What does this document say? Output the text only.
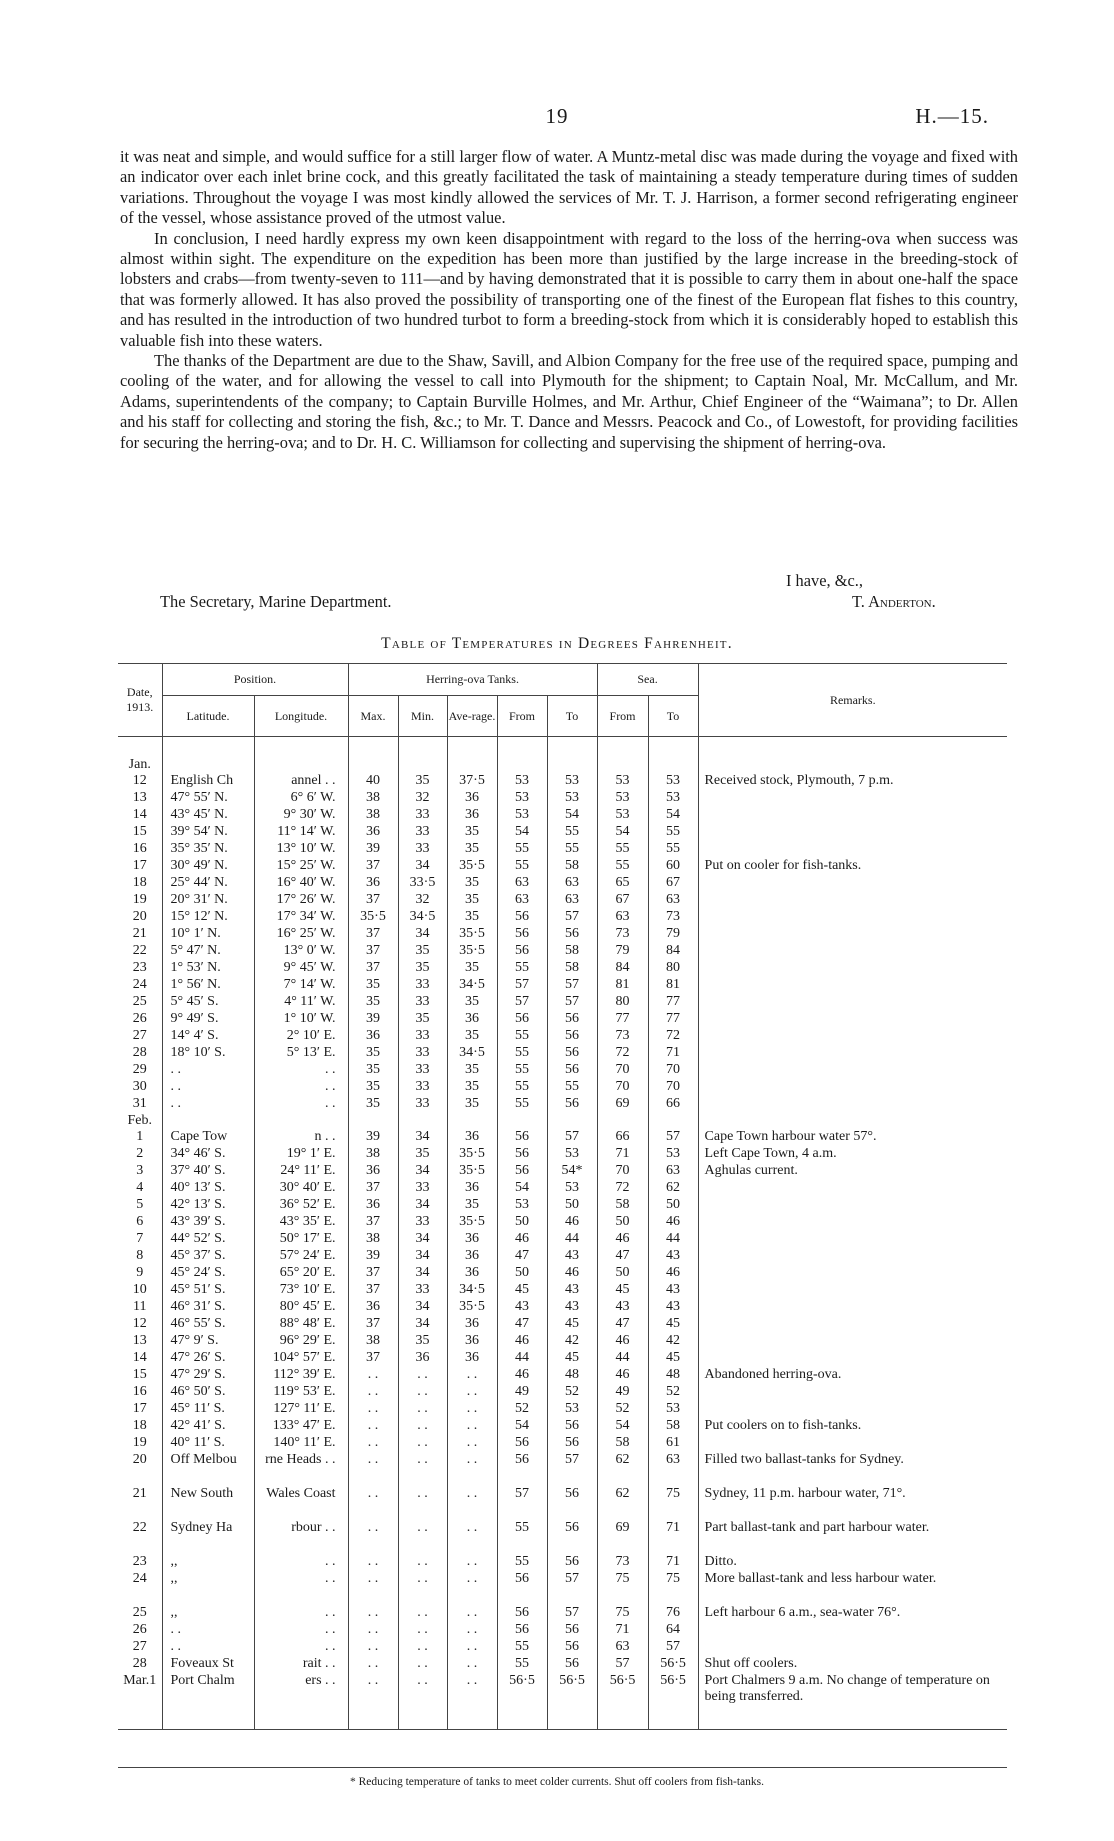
19	H.—15.

it was neat and simple, and would suffice for a still larger flow of water. A Muntz-metal disc was made during the voyage and fixed with an indicator over each inlet brine cock, and this greatly facilitated the task of maintaining a steady temperature during times of sudden variations. Throughout the voyage I was most kindly allowed the services of Mr. T. J. Harrison, a former second refrigerating engineer of the vessel, whose assistance proved of the utmost value.

In conclusion, I need hardly express my own keen disappointment with regard to the loss of the herring-ova when success was almost within sight. The expenditure on the expedition has been more than justified by the large increase in the breeding-stock of lobsters and crabs—from twenty-seven to 111—and by having demonstrated that it is possible to carry them in about one-half the space that was formerly allowed. It has also proved the possibility of transporting one of the finest of the European flat fishes to this country, and has resulted in the introduction of two hundred turbot to form a breeding-stock from which it is considerably hoped to establish this valuable fish into these waters.

The thanks of the Department are due to the Shaw, Savill, and Albion Company for the free use of the required space, pumping and cooling of the water, and for allowing the vessel to call into Plymouth for the shipment; to Captain Noal, Mr. McCallum, and Mr. Adams, superintendents of the company; to Captain Burville Holmes, and Mr. Arthur, Chief Engineer of the “Waimana”; to Dr. Allen and his staff for collecting and storing the fish, &c.; to Mr. T. Dance and Messrs. Peacock and Co., of Lowestoft, for providing facilities for securing the herring-ova; and to Dr. H. C. Williamson for collecting and supervising the shipment of herring-ova.

I have, &c.,
The Secretary, Marine Department.	T. Anderton.
Table of Temperatures in Degrees Fahrenheit.
Date, 1913.	Position.		Herring-ova Tanks.					Sea.		Remarks.
	Latitude.	Longitude.	Max.	Min.	Ave-rage.	From	To	From	To	

Jan.										
12	English Ch	annel . .	40	35	37·5	53	53	53	53	Received stock, Plymouth, 7 p.m.
13	47° 55′ N.	6° 6′ W.	38	32	36	53	53	53	53	
14	43° 45′ N.	9° 30′ W.	38	33	36	53	54	53	54	
15	39° 54′ N.	11° 14′ W.	36	33	35	54	55	54	55	
16	35° 35′ N.	13° 10′ W.	39	33	35	55	55	55	55	
17	30° 49′ N.	15° 25′ W.	37	34	35·5	55	58	55	60	Put on cooler for fish-tanks.
18	25° 44′ N.	16° 40′ W.	36	33·5	35	63	63	65	67	
19	20° 31′ N.	17° 26′ W.	37	32	35	63	63	67	63	
20	15° 12′ N.	17° 34′ W.	35·5	34·5	35	56	57	63	73	
21	10° 1′ N.	16° 25′ W.	37	34	35·5	56	56	73	79	
22	5° 47′ N.	13° 0′ W.	37	35	35·5	56	58	79	84	
23	1° 53′ N.	9° 45′ W.	37	35	35	55	58	84	80	
24	1° 56′ N.	7° 14′ W.	35	33	34·5	57	57	81	81	
25	5° 45′ S.	4° 11′ W.	35	33	35	57	57	80	77	
26	9° 49′ S.	1° 10′ W.	39	35	36	56	56	77	77	
27	14° 4′ S.	2° 10′ E.	36	33	35	55	56	73	72	
28	18° 10′ S.	5° 13′ E.	35	33	34·5	55	56	72	71	
29	. .	. .	35	33	35	55	56	70	70	
30	. .	. .	35	33	35	55	55	70	70	
31	. .	. .	35	33	35	55	56	69	66	
Feb.										
1	Cape Tow	n . .	39	34	36	56	57	66	57	Cape Town harbour water 57°.
2	34° 46′ S.	19° 1′ E.	38	35	35·5	56	53	71	53	Left Cape Town, 4 a.m.
3	37° 40′ S.	24° 11′ E.	36	34	35·5	56	54*	70	63	Aghulas current.
4	40° 13′ S.	30° 40′ E.	37	33	36	54	53	72	62	
5	42° 13′ S.	36° 52′ E.	36	34	35	53	50	58	50	
6	43° 39′ S.	43° 35′ E.	37	33	35·5	50	46	50	46	
7	44° 52′ S.	50° 17′ E.	38	34	36	46	44	46	44	
8	45° 37′ S.	57° 24′ E.	39	34	36	47	43	47	43	
9	45° 24′ S.	65° 20′ E.	37	34	36	50	46	50	46	
10	45° 51′ S.	73° 10′ E.	37	33	34·5	45	43	45	43	
11	46° 31′ S.	80° 45′ E.	36	34	35·5	43	43	43	43	
12	46° 55′ S.	88° 48′ E.	37	34	36	47	45	47	45	
13	47° 9′ S.	96° 29′ E.	38	35	36	46	42	46	42	
14	47° 26′ S.	104° 57′ E.	37	36	36	44	45	44	45	
15	47° 29′ S.	112° 39′ E.	. .	. .	. .	46	48	46	48	Abandoned herring-ova.
16	46° 50′ S.	119° 53′ E.	. .	. .	. .	49	52	49	52	
17	45° 11′ S.	127° 11′ E.	. .	. .	. .	52	53	52	53	
18	42° 41′ S.	133° 47′ E.	. .	. .	. .	54	56	54	58	Put coolers on to fish-tanks.
19	40° 11′ S.	140° 11′ E.	. .	. .	. .	56	56	58	61	
20	Off Melbou	rne Heads . .	. .	. .	. .	56	57	62	63	Filled two ballast-tanks for Sydney.
21	New South	Wales Coast	. .	. .	. .	57	56	62	75	Sydney, 11 p.m. harbour water, 71°.
22	Sydney Ha	rbour . .	. .	. .	. .	55	56	69	71	Part ballast-tank and part harbour water.
23	,,	. .	. .	. .	. .	55	56	73	71	Ditto.
24	,,	. .	. .	. .	. .	56	57	75	75	More ballast-tank and less harbour water.
25	,,	. .	. .	. .	. .	56	57	75	76	Left harbour 6 a.m., sea-water 76°.
26	. .	. .	. .	. .	. .	56	56	71	64	
27	. .	. .	. .	. .	. .	55	56	63	57	
28	Foveaux St	rait . .	. .	. .	. .	55	56	57	56·5	Shut off coolers.
Mar.1	Port Chalm	ers . .	. .	. .	. .	56·5	56·5	56·5	56·5	Port Chalmers 9 a.m. No change of temperature on being transferred.

* Reducing temperature of tanks to meet colder currents. Shut off coolers from fish-tanks.
